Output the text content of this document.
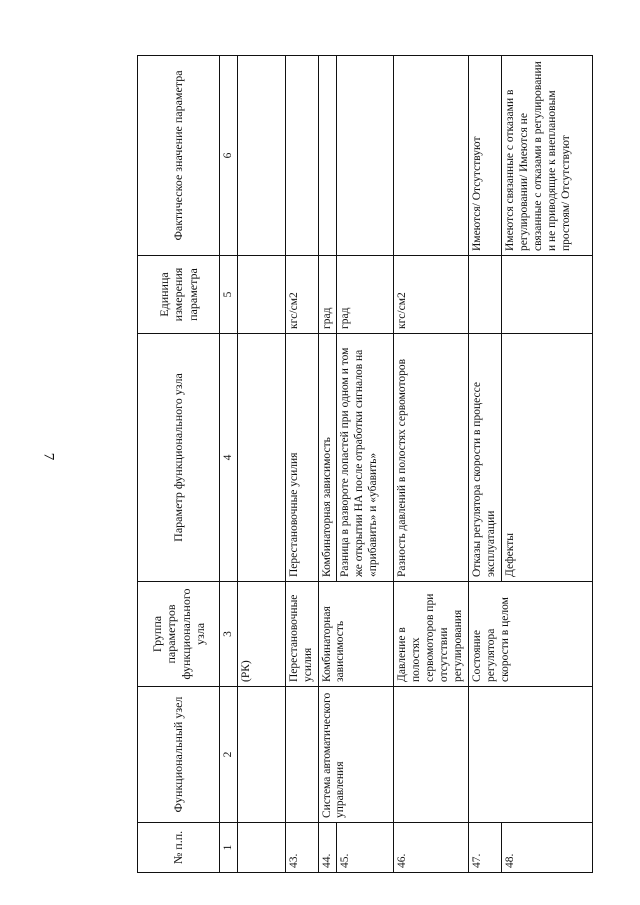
7
№ п.п.	Функциональный узел	Группа параметров функционального узла	Параметр функционального узла	Единица измерения параметра	Фактическое значение параметра
1	2	3	4	5	6
		(РК)			
43.		Перестановочные усилия	Перестановочные усилия	кгс/см2	
44.	Система автоматического управления	Комбинаторная зависимость	Комбинаторная зависимость	град	
45.			Разница в развороте лопастей при одном и том же открытии НА после отработки сигналов на «прибавить» и «убавить»	град	
46.		Давление в полостях сервомоторов при отсутствии регулирования	Разность давлений в полостях сервомоторов	кгс/см2	
47.		Состояние регулятора скорости в целом	Отказы регулятора скорости в процессе эксплуатации		Имеются/ Отсутствуют
48.			Дефекты		Имеются связанные с отказами в регулировании/ Имеются не связанные с отказами в регулировании и не приводящие к внеплановым простоям/ Отсутствуют
